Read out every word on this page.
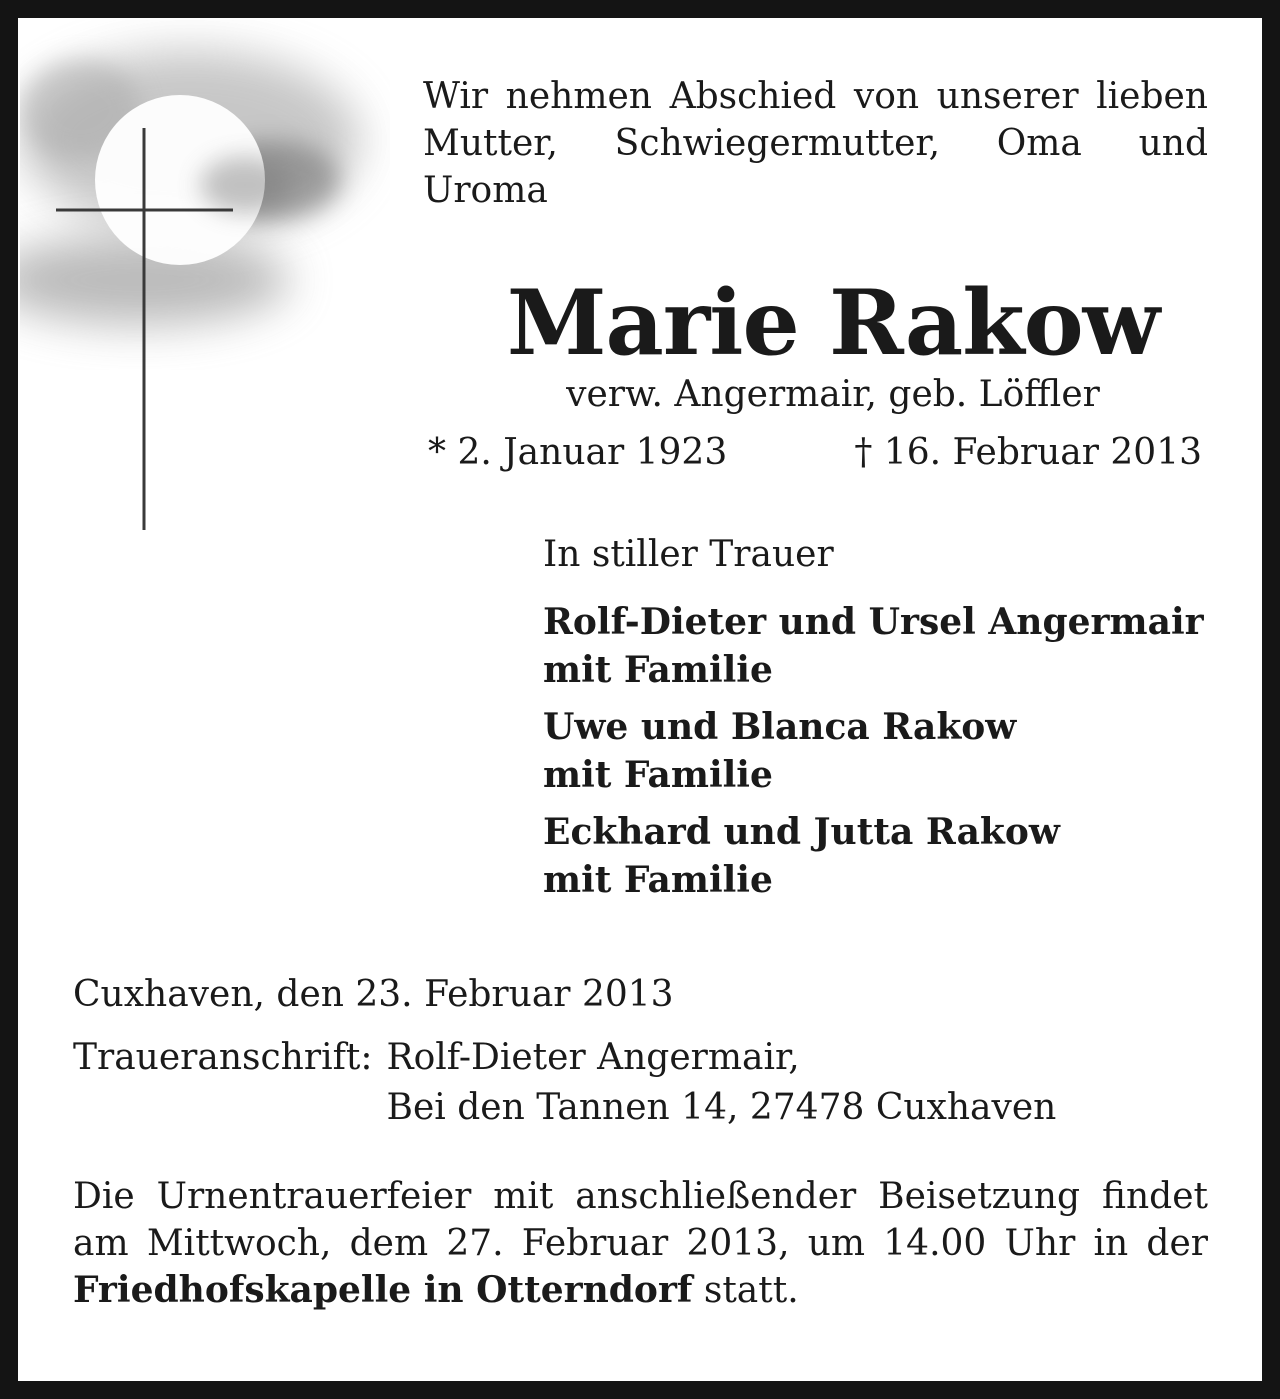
Wir nehmen Abschied von unserer lieben Mutter, Schwiegermutter, Oma und Uroma

Marie Rakow
verw. Angermair, geb. Löffler
* 2. Januar 1923	† 16. Februar 2013
In stiller Trauer
Rolf-Dieter und Ursel Angermair
mit Familie
Uwe und Blanca Rakow
mit Familie
Eckhard und Jutta Rakow
mit Familie
Cuxhaven, den 23. Februar 2013
Traueranschrift: Rolf-Dieter Angermair,
Bei den Tannen 14, 27478 Cuxhaven

Die Urnentrauerfeier mit anschließender Beisetzung findet am Mittwoch, dem 27. Februar 2013, um 14.00 Uhr in der Friedhofskapelle in Otterndorf statt.
